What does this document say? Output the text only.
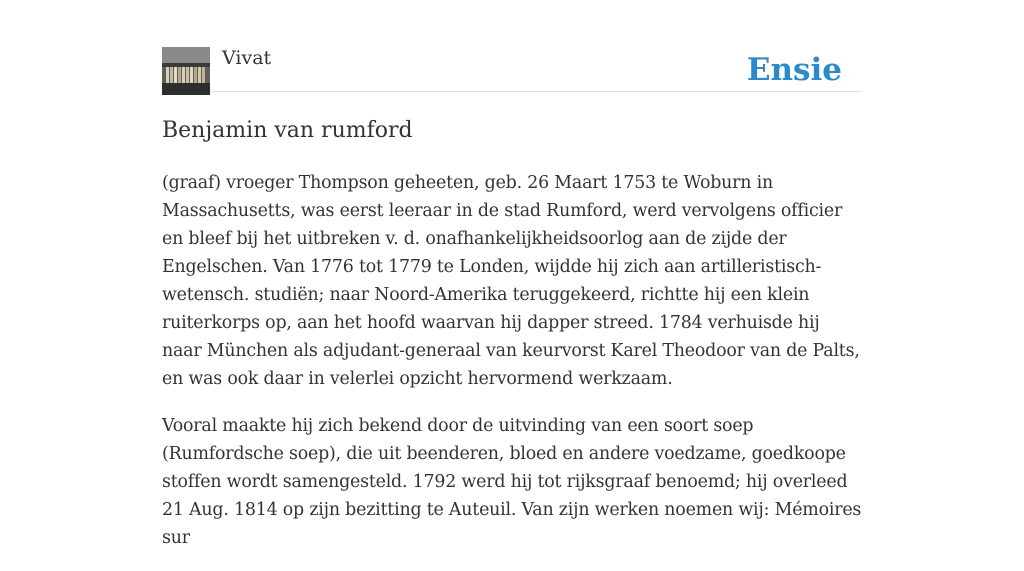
Vivat	Ensie
Benjamin van rumford

(graaf) vroeger Thompson geheeten, geb. 26 Maart 1753 te Woburn in Massachusetts, was eerst leeraar in de stad Rumford, werd vervolgens officier en bleef bij het uitbreken v. d. onafhankelijkheidsoorlog aan de zijde der Engelschen. Van 1776 tot 1779 te Londen, wijdde hij zich aan artilleristisch-wetensch. studiën; naar Noord-Amerika teruggekeerd, richtte hij een klein ruiterkorps op, aan het hoofd waarvan hij dapper streed. 1784 verhuisde hij naar München als adjudant-generaal van keurvorst Karel Theodoor van de Palts, en was ook daar in velerlei opzicht hervormend werkzaam.

Vooral maakte hij zich bekend door de uitvinding van een soort soep (Rumfordsche soep), die uit beenderen, bloed en andere voedzame, goedkoope stoffen wordt samengesteld. 1792 werd hij tot rijksgraaf benoemd; hij overleed 21 Aug. 1814 op zijn bezitting te Auteuil. Van zijn werken noemen wij: Mémoires sur
